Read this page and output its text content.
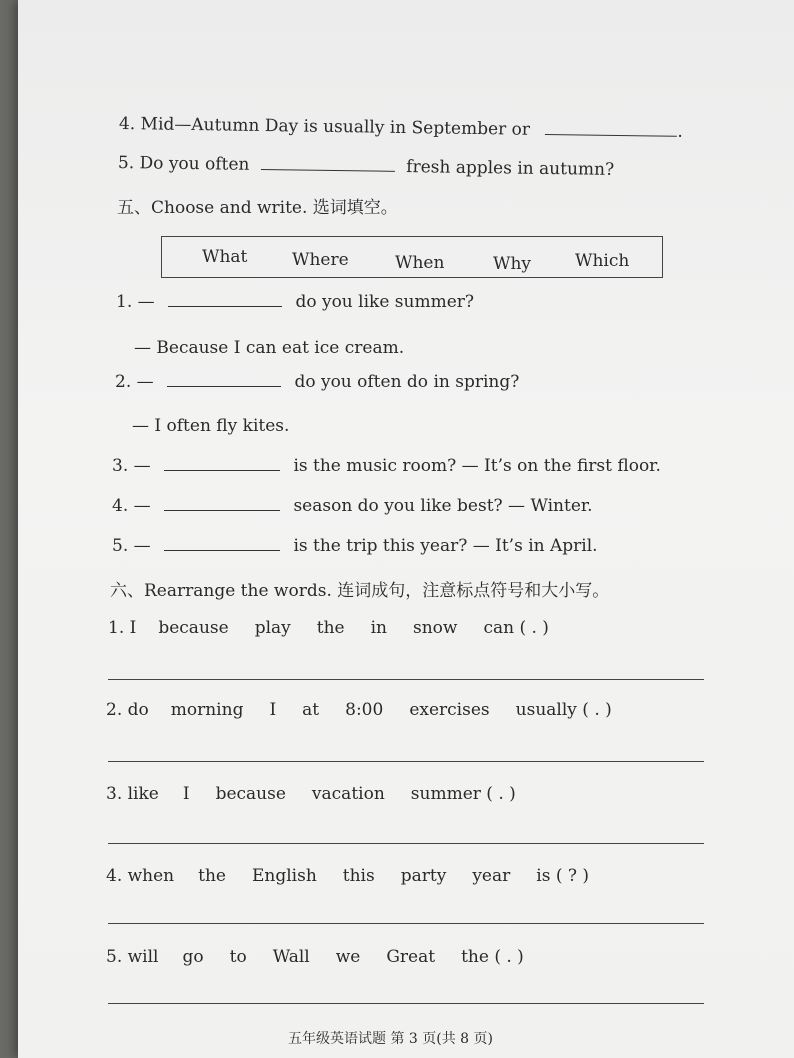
4. Mid—Autumn Day is usually in September or	.
5. Do you often	fresh apples in autumn?
五、Choose and write. 选词填空。
What	Where	When	Why	Which
1. —	do you like summer?
— Because I can eat ice cream.
2. —	do you often do in spring?
— I often fly kites.
3. —	is the music room? — It’s on the first floor.
4. —	season do you like best? — Winter.
5. —	is the trip this year? — It’s in April.
六、Rearrange the words. 连词成句，注意标点符号和大小写。
1. I because play the in snow can ( . )
2. do morning I at 8:00 exercises usually ( . )
3. like I because vacation summer ( . )
4. when the English this party year is ( ? )
5. will go to Wall we Great the ( . )
五年级英语试题 第 3 页(共 8 页)
